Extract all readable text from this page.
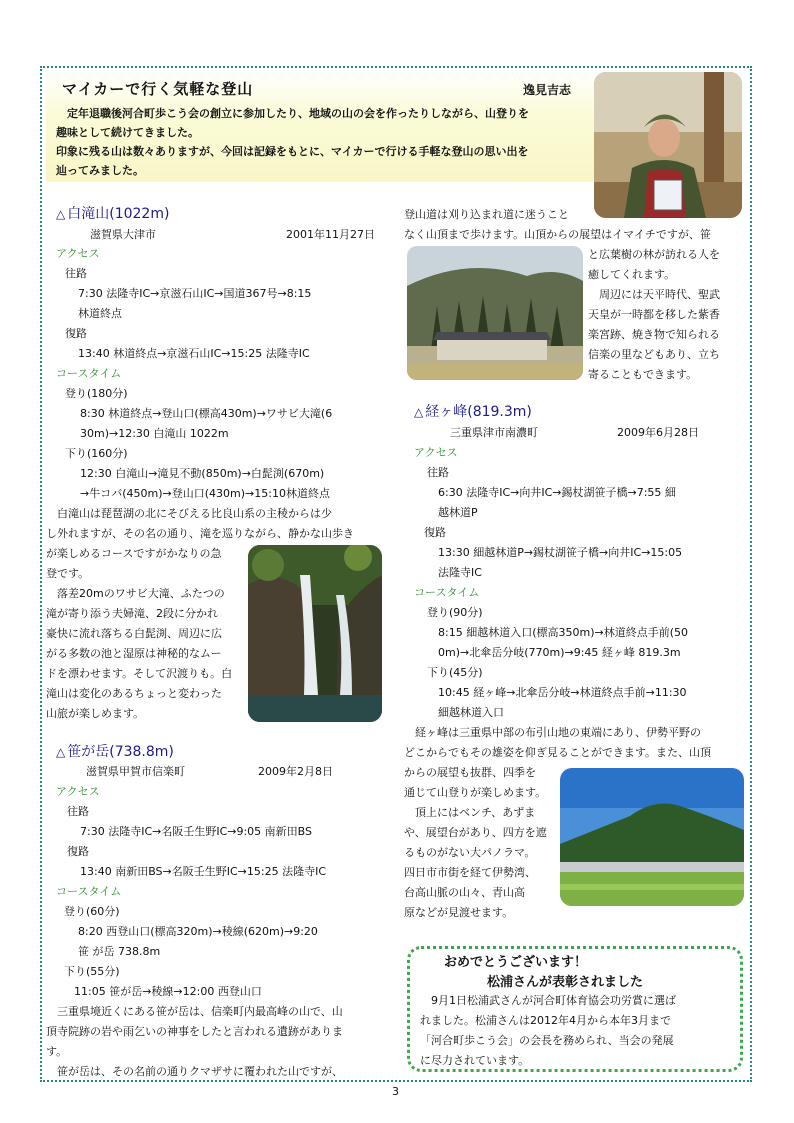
マイカーで行く気軽な登山	逸見吉志

　定年退職後河合町歩こう会の創立に参加したり、地域の山の会を作ったりしながら、山登りを

趣味として続けてきました。

印象に残る山は数々ありますが、今回は記録をもとに、マイカーで行ける手軽な登山の思い出を

辿ってみました。

△ 白滝山(1022m)
滋賀県大津市	2001年11月27日
アクセス
往路
7:30 法隆寺IC→京滋石山IC→国道367号→8:15
林道終点
復路
13:40 林道終点→京滋石山IC→15:25 法隆寺IC
コースタイム
登り(180分)
8:30 林道終点→登山口(標高430m)→ワサビ大滝(6
30m)→12:30 白滝山 1022m
下り(160分)
12:30 白滝山→滝見不動(850m)→白髭渕(670m)
→牛コバ(450m)→登山口(430m)→15:10林道終点
　白滝山は琵琶湖の北にそびえる比良山系の主稜からは少
し外れますが、その名の通り、滝を巡りながら、静かな山歩き
が楽しめるコースですがかなりの急
登です。
　落差20mのワサビ大滝、ふたつの
滝が寄り添う夫婦滝、2段に分かれ
豪快に流れ落ちる白髭渕、周辺に広
がる多数の池と湿原は神秘的なムー
ドを漂わせます。そして沢渡りも。白
滝山は変化のあるちょっと変わった
山旅が楽しめます。
△ 笹が岳(738.8m)
滋賀県甲賀市信楽町	2009年2月8日
アクセス
往路
7:30 法隆寺IC→名阪壬生野IC→9:05 南新田BS
復路
13:40 南新田BS→名阪壬生野IC→15:25 法隆寺IC
コースタイム
登り(60分)
8:20 西登山口(標高320m)→稜線(620m)→9:20
笹 が岳 738.8m
下り(55分)
11:05 笹が岳→稜線→12:00 西登山口
　三重県境近くにある笹が岳は、信楽町内最高峰の山で、山
頂寺院跡の岩や雨乞いの神事をしたと言われる遺跡がありま
す。
　笹が岳は、その名前の通りクマザサに覆われた山ですが、
登山道は刈り込まれ道に迷うこと
なく山頂まで歩けます。山頂からの展望はイマイチですが、笹
と広葉樹の林が訪れる人を
癒してくれます。
　周辺には天平時代、聖武
天皇が一時都を移した紫香
楽宮跡、焼き物で知られる
信楽の里などもあり、立ち
寄ることもできます。
△ 経ヶ峰(819.3m)
三重県津市南濃町	2009年6月28日
アクセス
往路
6:30 法隆寺IC→向井IC→錫杖湖笹子橋→7:55 細
越林道P
復路
13:30 細越林道P→錫杖湖笹子橋→向井IC→15:05
法隆寺IC
コースタイム
登り(90分)
8:15 細越林道入口(標高350m)→林道終点手前(50
0m)→北傘岳分岐(770m)→9:45 経ヶ峰 819.3m
下り(45分)
10:45 経ヶ峰→北傘岳分岐→林道終点手前→11:30
細越林道入口
　経ヶ峰は三重県中部の布引山地の東端にあり、伊勢平野の
どこからでもその雄姿を仰ぎ見ることができます。また、山頂
からの展望も抜群、四季を
通じて山登りが楽しめます。
　頂上にはベンチ、あずま
や、展望台があり、四方を遮
るものがない大パノラマ。
四日市市街を経て伊勢湾、
台高山脈の山々、青山高
原などが見渡せます。
おめでとうございます！
松浦さんが表彰されました
　9月1日松浦武さんが河合町体育協会功労賞に選ば
れました。松浦さんは2012年4月から本年3月まで
「河合町歩こう会」の会長を務められ、当会の発展
に尽力されています。
3
